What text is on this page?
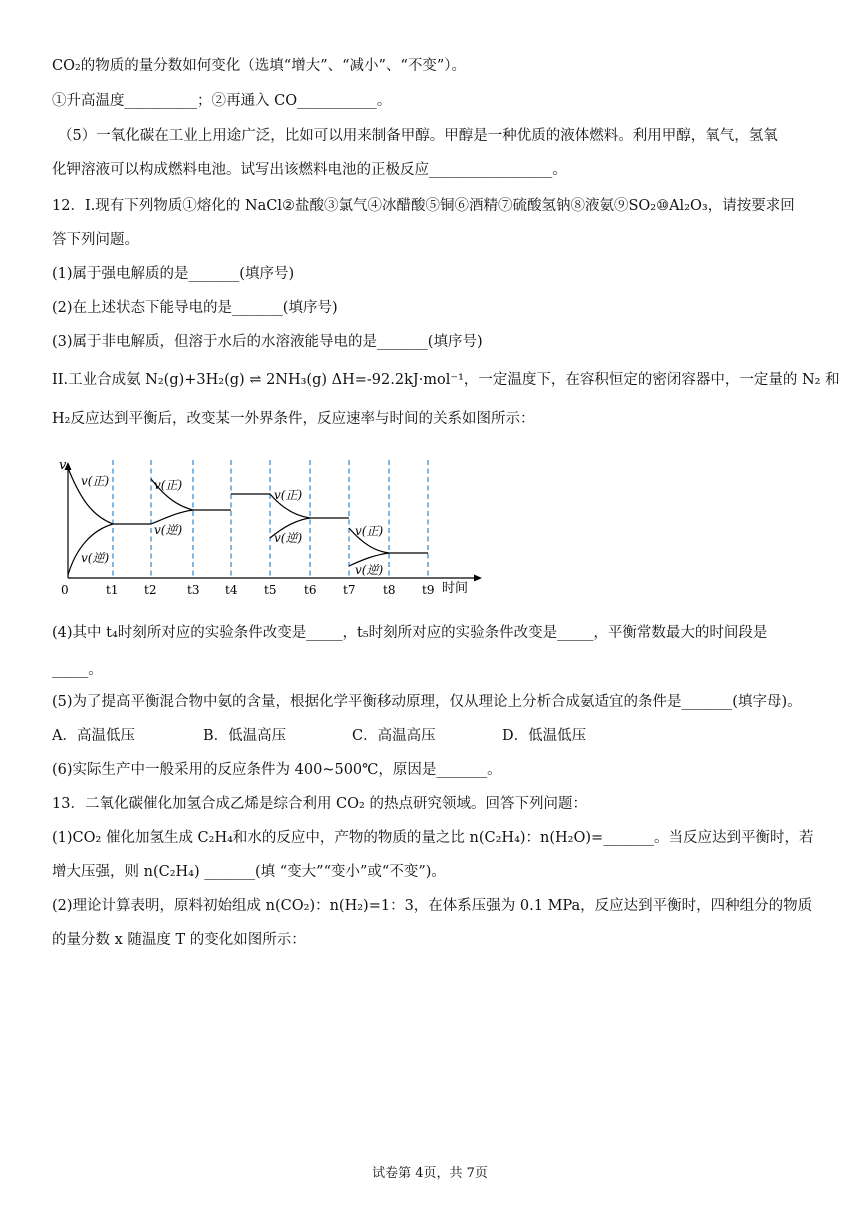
CO₂的物质的量分数如何变化（选填“增大”、“减小”、“不变”）。
①升高温度__________；②再通入 CO___________。
（5）一氧化碳在工业上用途广泛，比如可以用来制备甲醇。甲醇是一种优质的液体燃料。利用甲醇，氧气，氢氧
化钾溶液可以构成燃料电池。试写出该燃料电池的正极反应_________________。
12．I.现有下列物质①熔化的 NaCl②盐酸③氯气④冰醋酸⑤铜⑥酒精⑦硫酸氢钠⑧液氨⑨SO₂⑩Al₂O₃，请按要求回
答下列问题。
(1)属于强电解质的是_______(填序号)
(2)在上述状态下能导电的是_______(填序号)
(3)属于非电解质，但溶于水后的水溶液能导电的是_______(填序号)
II.工业合成氨 N₂(g)+3H₂(g) ⇌ 2NH₃(g) ΔH=-92.2kJ·mol⁻¹，一定温度下，在容积恒定的密闭容器中，一定量的 N₂ 和
H₂反应达到平衡后，改变某一外界条件，反应速率与时间的关系如图所示：
v
0	时间
v(正)
v(逆)
v(正)
v(逆)
v(正)
v(逆)	v(正)
v(逆)
t1 t2	t3 t4 t5 t6 t7 t8 t9
(4)其中 t₄时刻所对应的实验条件改变是_____，t₅时刻所对应的实验条件改变是_____，平衡常数最大的时间段是
_____。
(5)为了提高平衡混合物中氨的含量，根据化学平衡移动原理，仅从理论上分析合成氨适宜的条件是_______(填字母)。
A．高温低压	B．低温高压	C．高温高压	D．低温低压
(6)实际生产中一般采用的反应条件为 400~500℃，原因是_______。
13．二氧化碳催化加氢合成乙烯是综合利用 CO₂ 的热点研究领域。回答下列问题：
(1)CO₂ 催化加氢生成 C₂H₄和水的反应中，产物的物质的量之比 n(C₂H₄)：n(H₂O)=_______。当反应达到平衡时，若
增大压强，则 n(C₂H₄) _______(填 “变大”“变小”或“不变”)。
(2)理论计算表明，原料初始组成 n(CO₂)：n(H₂)=1：3，在体系压强为 0.1 MPa，反应达到平衡时，四种组分的物质
的量分数 x 随温度 T 的变化如图所示：
试卷第 4页，共 7页
